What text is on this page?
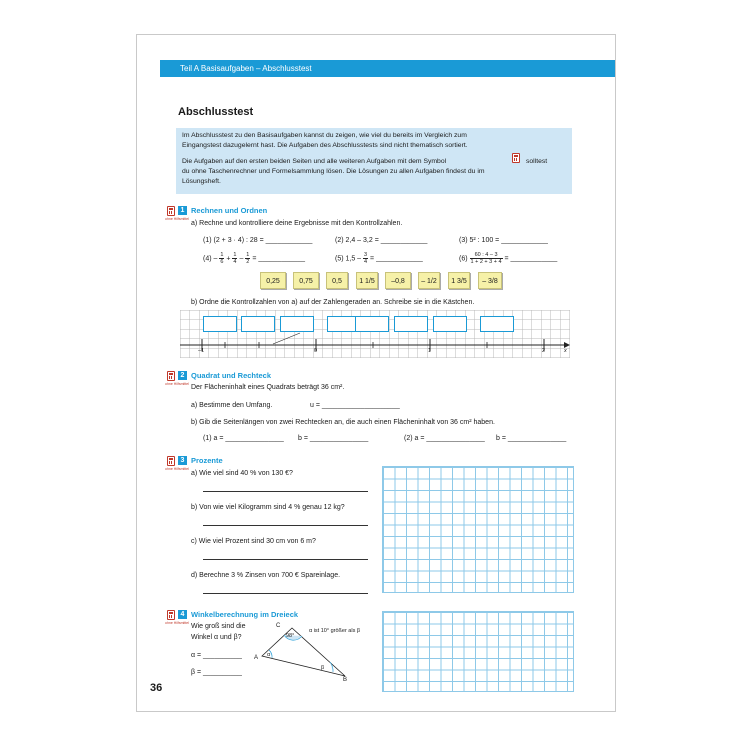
Teil A Basisaufgaben – Abschlusstest
Abschlusstest

Im Abschlusstest zu den Basisaufgaben kannst du zeigen, wie viel du bereits im Vergleich zum

Eingangstest dazugelernt hast. Die Aufgaben des Abschlusstests sind nicht thematisch sortiert.

Die Aufgaben auf den ersten beiden Seiten und alle weiteren Aufgaben mit dem Symbol	solltest

du ohne Taschenrechner und Formelsammlung lösen. Die Lösungen zu allen Aufgaben findest du im

Lösungsheft.

ohne Hilfsmittel
1 Rechnen und Ordnen
a) Rechne und kontrolliere deine Ergebnisse mit den Kontrollzahlen.
(1) (2 + 3 · 4) : 28 = ____________	(2) 2,4 – 3,2 = ____________	(3) 5² : 100 = ____________
$(4) - \frac{1}{6} + \frac{1}{4} - \frac{1}{2}$ = ____________	(5) $1,5 - \frac{3}{4}$ = ____________	$(6) \frac{60 : 4 - 3}{1 + 2 + 3 + 4}$ = ____________
0,25	0,75	0,5	1 1/5	–0,8	– 1/2	1 3/5	– 3/8
b) Ordne die Kontrollzahlen von a) auf der Zahlengeraden an. Schreibe sie in die Kästchen.
–1	0	1	2	x
ohne Hilfsmittel
2 Quadrat und Rechteck
Der Flächeninhalt eines Quadrats beträgt 36 cm².
a) Bestimme den Umfang.	u = ____________________
b) Gib die Seitenlängen von zwei Rechtecken an, die auch einen Flächeninhalt von 36 cm² haben.
(1) a = _______________ b = _______________	(2) a = _______________ b = _______________
ohne Hilfsmittel
3 Prozente
a) Wie viel sind 40 % von 130 €?
b) Von wie viel Kilogramm sind 4 % genau 12 kg?
c) Wie viel Prozent sind 30 cm von 6 m?
d) Berechne 3 % Zinsen von 700 € Spareinlage.
ohne Hilfsmittel
4 Winkelberechnung im Dreieck
Wie groß sind die
Winkel α und β?
α = __________
β = __________
C
A
B
98°
α
β
α ist 10° größer als β
36
